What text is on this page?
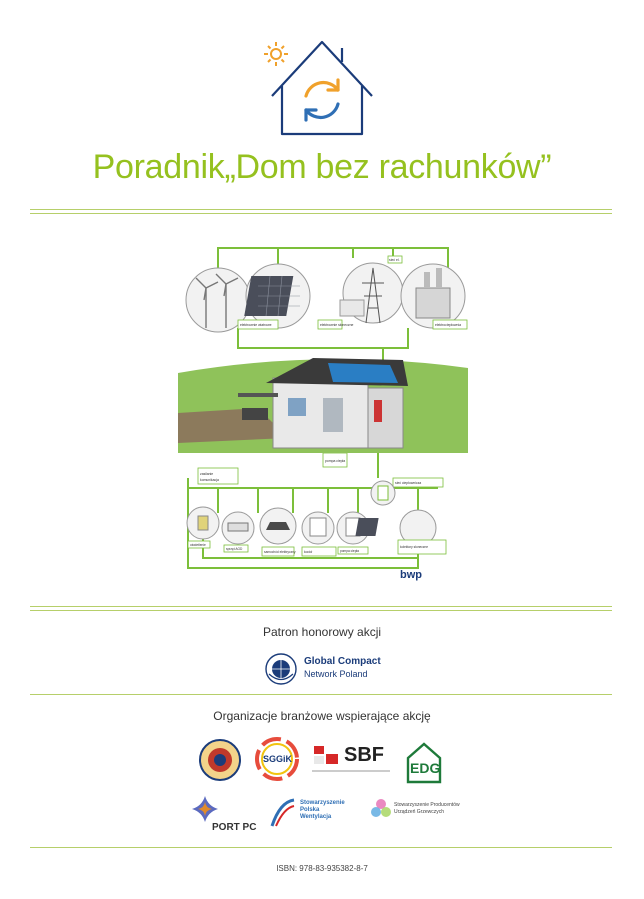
Poradnik„Dom bez rachunków”
elektrownie wiatrowe	elektrownie słoneczne
sieć el.
elektrociepłownia
pompa ciepła
zasilanie
komunikacja
sieć ciepłownicza
oświetlenie
sprzęt AGD
samochód elektryczny	kocioł	pompa ciepła
kolektory słoneczne
bwp
Patron honorowy akcji
Global Compact
Network Poland
Organizacje branżowe wspierające akcję
SGGiK	SBF
EDG
PORT PC
Stowarzyszenie Polska Wentylacja
Stowarzyszenie Producentów Urządzeń Grzewczych
ISBN: 978-83-935382-8-7
